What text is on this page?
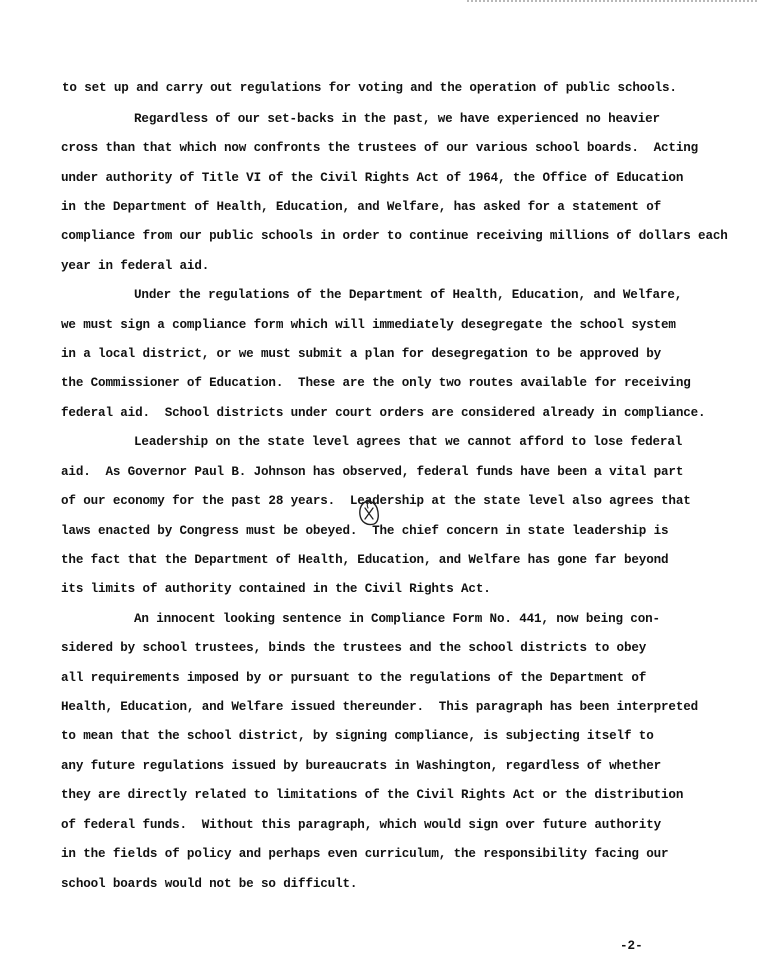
to set up and carry out regulations for voting and the operation of public schools.
Regardless of our set-backs in the past, we have experienced no heavier
cross than that which now confronts the trustees of our various school boards.  Acting
under authority of Title VI of the Civil Rights Act of 1964, the Office of Education
in the Department of Health, Education, and Welfare, has asked for a statement of
compliance from our public schools in order to continue receiving millions of dollars each
year in federal aid.
Under the regulations of the Department of Health, Education, and Welfare,
we must sign a compliance form which will immediately desegregate the school system
in a local district, or we must submit a plan for desegregation to be approved by
the Commissioner of Education.  These are the only two routes available for receiving
federal aid.  School districts under court orders are considered already in compliance.
Leadership on the state level agrees that we cannot afford to lose federal
aid.  As Governor Paul B. Johnson has observed, federal funds have been a vital part
of our economy for the past 28 years.  Leadership at the state level also agrees that
laws enacted by Congress must be obeyed.  The chief concern in state leadership is
the fact that the Department of Health, Education, and Welfare has gone far beyond
its limits of authority contained in the Civil Rights Act.
An innocent looking sentence in Compliance Form No. 441, now being con-
sidered by school trustees, binds the trustees and the school districts to obey
all requirements imposed by or pursuant to the regulations of the Department of
Health, Education, and Welfare issued thereunder.  This paragraph has been interpreted
to mean that the school district, by signing compliance, is subjecting itself to
any future regulations issued by bureaucrats in Washington, regardless of whether
they are directly related to limitations of the Civil Rights Act or the distribution
of federal funds.  Without this paragraph, which would sign over future authority
in the fields of policy and perhaps even curriculum, the responsibility facing our
school boards would not be so difficult.
-2-
